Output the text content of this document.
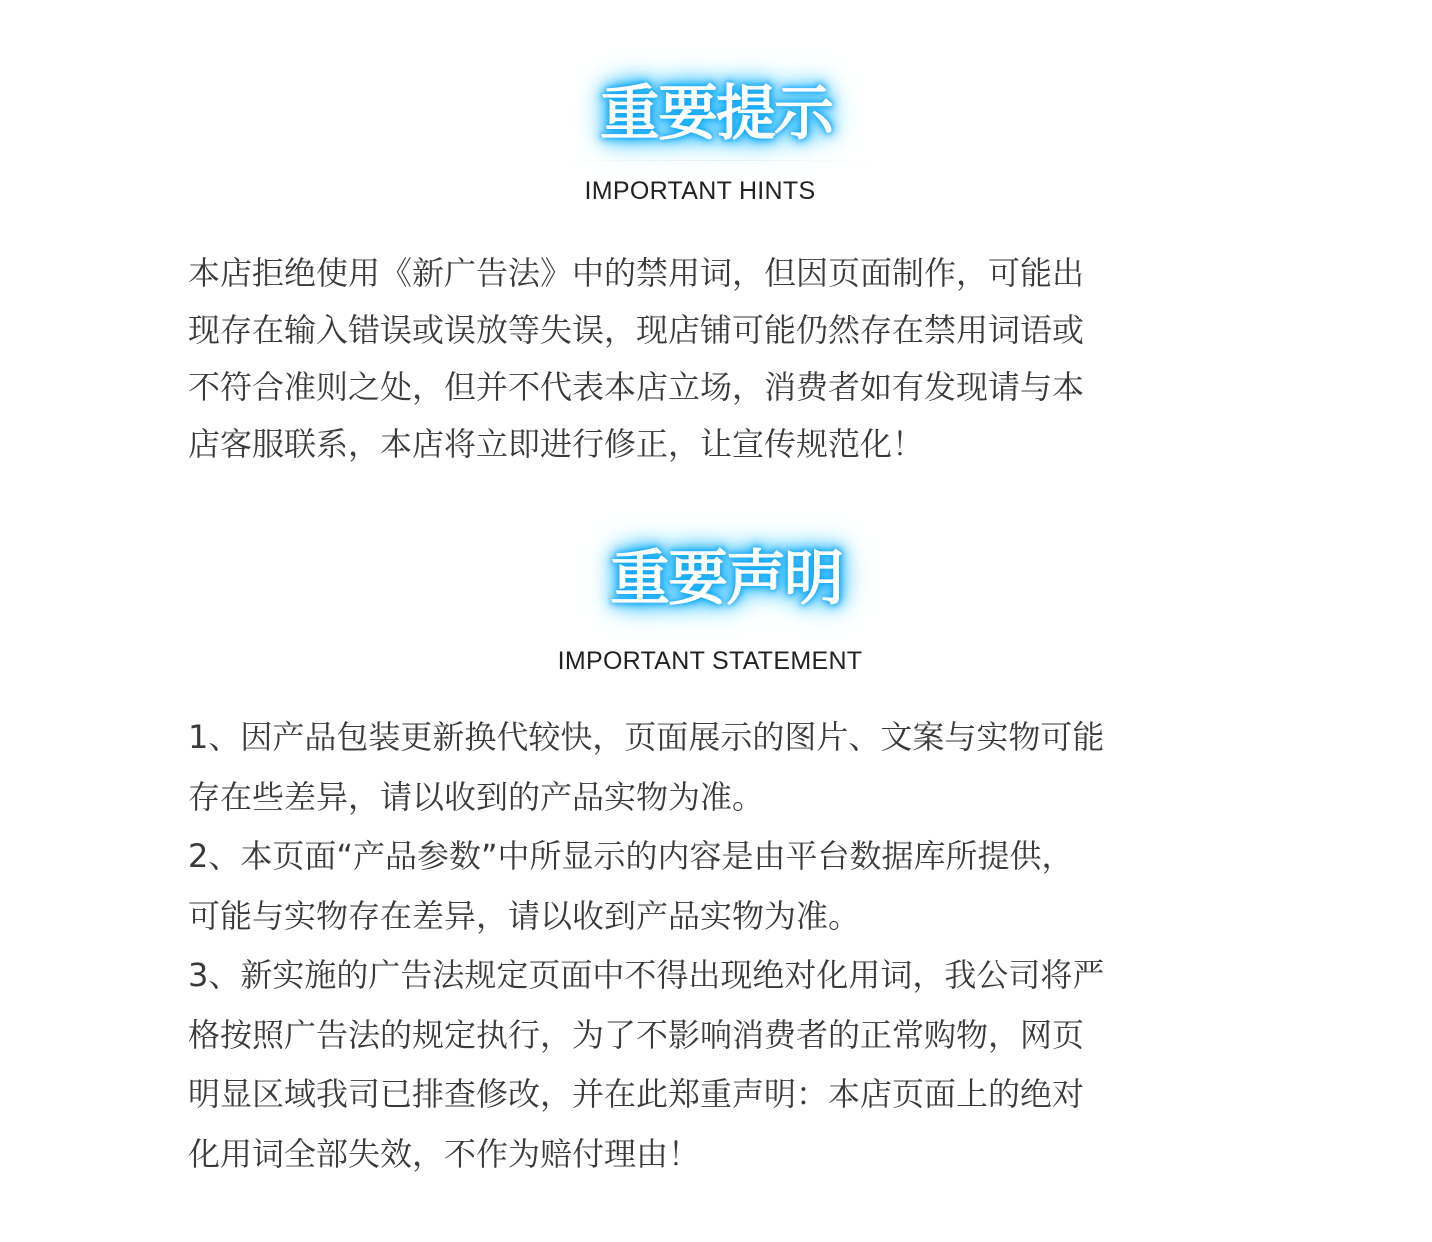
重要提示
IMPORTANT HINTS
本店拒绝使用《新广告法》中的禁用词，但因页面制作，可能出
现存在输入错误或误放等失误，现店铺可能仍然存在禁用词语或
不符合准则之处，但并不代表本店立场，消费者如有发现请与本
店客服联系，本店将立即进行修正，让宣传规范化！
重要声明
IMPORTANT STATEMENT
1、因产品包装更新换代较快，页面展示的图片、文案与实物可能
存在些差异，请以收到的产品实物为准。
2、本页面“产品参数”中所显示的内容是由平台数据库所提供，
可能与实物存在差异，请以收到产品实物为准。
3、新实施的广告法规定页面中不得出现绝对化用词，我公司将严
格按照广告法的规定执行，为了不影响消费者的正常购物，网页
明显区域我司已排查修改，并在此郑重声明：本店页面上的绝对
化用词全部失效，不作为赔付理由！
